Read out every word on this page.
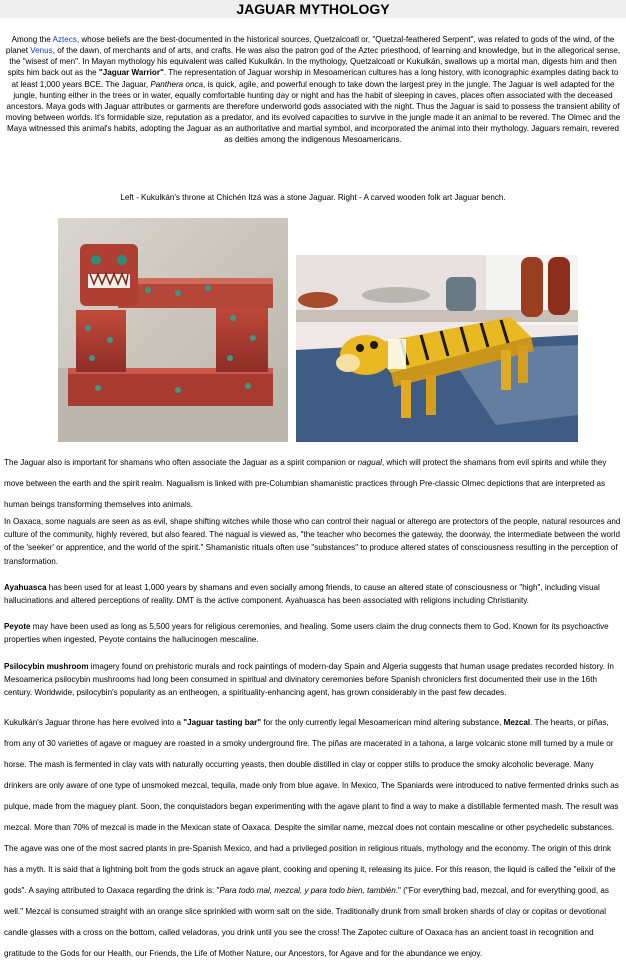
JAGUAR MYTHOLOGY

Among the Aztecs, whose beliefs are the best-documented in the historical sources, Quetzalcoatl or, "Quetzal-feathered Serpent", was related to gods of the wind, of the planet Venus, of the dawn, of merchants and of arts, and crafts. He was also the patron god of the Aztec priesthood, of learning and knowledge, but in the allegorical sense, the "wisest of men". In Mayan mythology his equivalent was called Kukulkán. In the mythology, Quetzalcoatl or Kukulkán, swallows up a mortal man, digests him and then spits him back out as the "Jaguar Warrior". The representation of Jaguar worship in Mesoamerican cultures has a long history, with iconographic examples dating back to at least 1,000 years BCE. The Jaguar, Panthera onca, is quick, agile, and powerful enough to take down the largest prey in the jungle. The Jaguar is well adapted for the jungle, hunting either in the trees or in water, equally comfortable hunting day or night and has the habit of sleeping in caves, places often associated with the deceased ancestors. Maya gods with Jaguar attributes or garments are therefore underworld gods associated with the night. Thus the Jaguar is said to possess the transient ability of moving between worlds. It's formidable size, reputation as a predator, and its evolved capacities to survive in the jungle made it an animal to be revered. The Olmec and the Maya witnessed this animal's habits, adopting the Jaguar as an authoritative and martial symbol, and incorporated the animal into their mythology. Jaguars remain, revered as deities among the indigenous Mesoamericans.

Left - Kukulkán's throne at Chichén Itzá was a stone Jaguar. Right - A carved wooden folk art Jaguar bench.

The Jaguar also is important for shamans who often associate the Jaguar as a spirit companion or nagual, which will protect the shamans from evil spirits and while they move between the earth and the spirit realm. Nagualism is linked with pre-Columbian shamanistic practices through Pre-classic Olmec depictions that are interpreted as human beings transforming themselves into animals.

In Oaxaca, some naguals are seen as as evil, shape shifting witches while those who can control their nagual or alterego are protectors of the people, natural resources and culture of the community, highly revered, but also feared. The nagual is viewed as, "the teacher who becomes the gateway, the doorway, the intermediate between the world of the 'seeker' or apprentice, and the world of the spirit." Shamanistic rituals often use "substances" to produce altered states of consciousness resulting in the perception of transformation.

Ayahuasca has been used for at least 1,000 years by shamans and even socially among friends, to cause an altered state of consciousness or "high", including visual hallucinations and altered perceptions of reality. DMT is the active component. Ayahuasca has been associated with religions including Christianity.

Peyote may have been used as long as 5,500 years for religious ceremonies, and healing. Some users claim the drug connects them to God. Known for its psychoactive properties when ingested, Peyote contains the hallucinogen mescaline.

Psilocybin mushroom imagery found on prehistoric murals and rock paintings of modern-day Spain and Algeria suggests that human usage predates recorded history. In Mesoamerica psilocybin mushrooms had long been consumed in spiritual and divinatory ceremonies before Spanish chroniclers first documented their use in the 16th century. Worldwide, psilocybin's popularity as an entheogen, a spirituality-enhancing agent, has grown considerably in the past few decades.

Kukulkán's Jaguar throne has here evolved into a "Jaguar tasting bar" for the only currently legal Mesoamerican mind altering substance, Mezcal. The hearts, or piñas, from any of 30 varieties of agave or maguey are roasted in a smoky underground fire. The piñas are macerated in a tahona, a large volcanic stone mill turned by a mule or horse. The mash is fermented in clay vats with naturally occurring yeasts, then double distilled in clay or copper stills to produce the smoky alcoholic beverage. Many drinkers are only aware of one type of unsmoked mezcal, tequila, made only from blue agave. In Mexico, The Spaniards were introduced to native fermented drinks such as pulque, made from the maguey plant. Soon, the conquistadors began experimenting with the agave plant to find a way to make a distillable fermented mash. The result was mezcal. More than 70% of mezcal is made in the Mexican state of Oaxaca. Despite the similar name, mezcal does not contain mescaline or other psychedelic substances. The agave was one of the most sacred plants in pre-Spanish Mexico, and had a privileged position in religious rituals, mythology and the economy. The origin of this drink has a myth. It is said that a lightning bolt from the gods struck an agave plant, cooking and opening it, releasing its juice. For this reason, the liquid is called the "elixir of the gods". A saying attributed to Oaxaca regarding the drink is: "Para todo mal, mezcal, y para todo bien, también." ("For everything bad, mezcal, and for everything good, as well." Mezcal is consumed straight with an orange slice sprinkled with worm salt on the side. Traditionally drunk from small broken shards of clay or copitas or devotional candle glasses with a cross on the bottom, called veladoras, you drink until you see the cross! The Zapotec culture of Oaxaca has an ancient toast in recognition and gratitude to the Gods for our Health, our Friends, the Life of Mother Nature, our Ancestors, for Agave and for the abundance we enjoy.
